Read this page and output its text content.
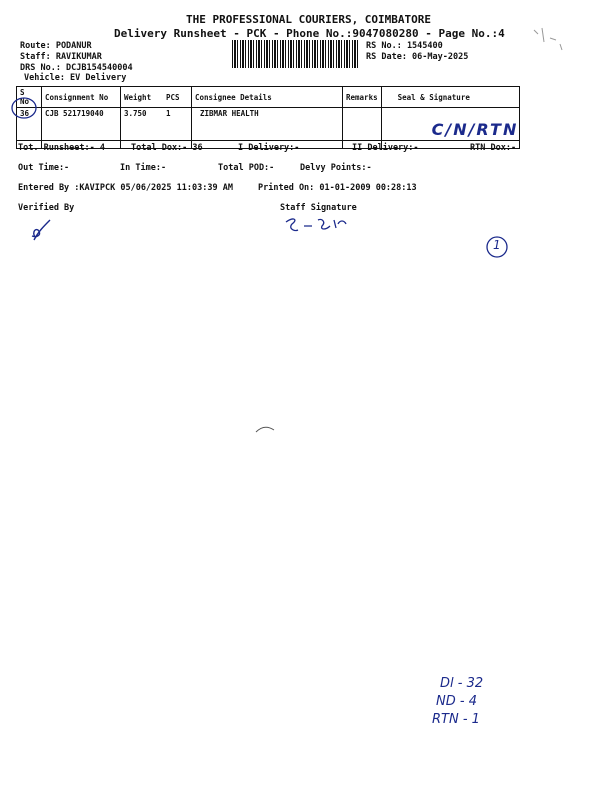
THE PROFESSIONAL COURIERS, COIMBATORE
Delivery Runsheet - PCK - Phone No.:9047080280 - Page No.:4
Route: PODANUR
Staff: RAVIKUMAR
DRS No.: DCJB154540004
Vehicle: EV Delivery
RS No.: 1545400
RS Date: 06-May-2025
S No	Consignment No	Weight	PCS	Consignee Details	Remarks	Seal & Signature
36	CJB 521719040	3.750	1	ZIBMAR HEALTH		C/N/RTN
Tot. Runsheet:- 4	Total Dox:- 36	I Delivery:-	II Delivery:-	RTN Dox:-
Out Time:-	In Time:-	Total POD:-	Delvy Points:-
Entered By :KAVIPCK 05/06/2025 11:03:39 AM	Printed On: 01-01-2009 00:28:13
Verified By	Staff Signature
1
Dl - 32
ND - 4
RTN - 1
